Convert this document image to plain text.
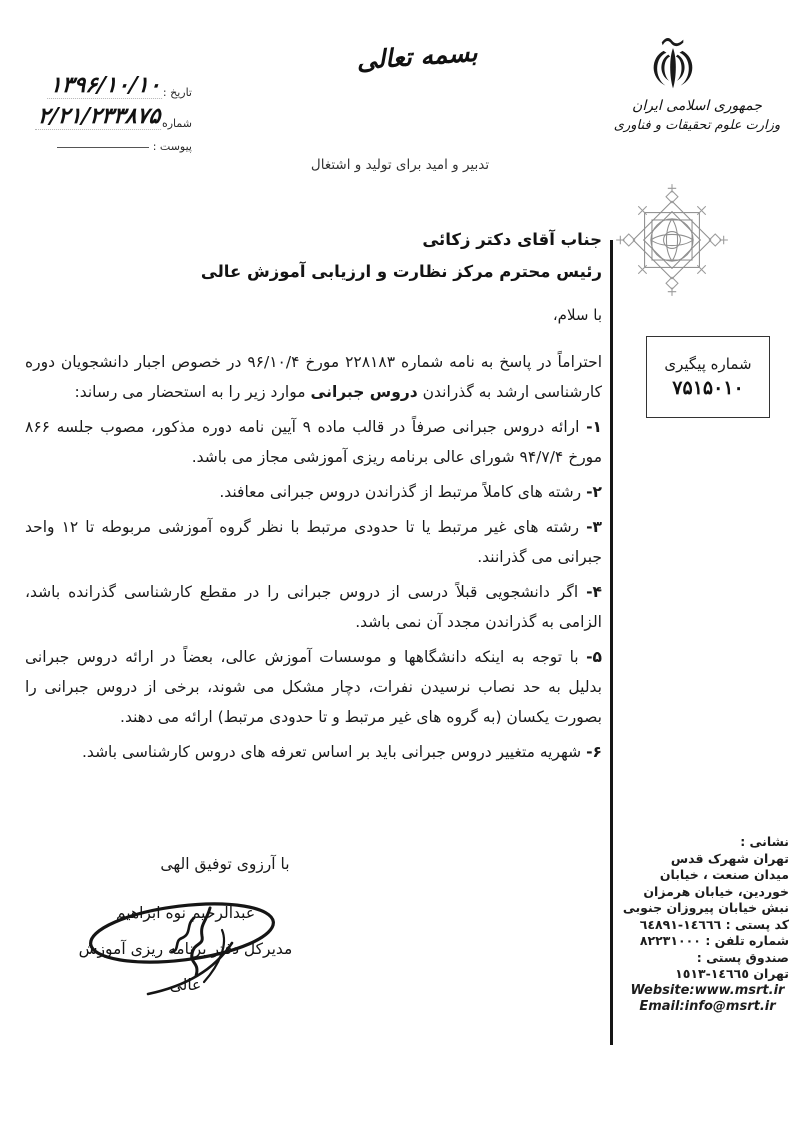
تاریخ :
۱۳۹۶/۱۰/۱۰
شماره
۲/۲۱/۲۳۳۸۷۵
پیوست :
بسمه تعالی
جمهوری اسلامی ایران
وزارت علوم تحقیقات و فناوری
تدبیر و امید برای تولید و اشتغال
شماره پیگیری
۷۵۱۵۰۱۰
جناب آقای دکتر زکائی
رئیس محترم مرکز نظارت و ارزیابی آموزش عالی
با سلام،

احتراماً در پاسخ به نامه شماره ۲۲۸۱۸۳ مورخ ۹۶/۱۰/۴ در خصوص اجبار دانشجویان دوره کارشناسی ارشد به گذراندن دروس جبرانی موارد زیر را به استحضار می رساند:

۱- ارائه دروس جبرانی صرفاً در قالب ماده ۹ آیین نامه دوره مذکور، مصوب جلسه ۸۶۶ مورخ ۹۴/۷/۴ شورای عالی برنامه ریزی آموزشی مجاز می باشد.

۲- رشته های کاملاً مرتبط از گذراندن دروس جبرانی معافند.

۳- رشته های غیر مرتبط یا تا حدودی مرتبط با نظر گروه آموزشی مربوطه تا ۱۲ واحد جبرانی می گذرانند.

۴- اگر دانشجویی قبلاً درسی از دروس جبرانی را در مقطع کارشناسی گذرانده باشد، الزامی به گذراندن مجدد آن نمی باشد.

۵- با توجه به اینکه دانشگاهها و موسسات آموزش عالی، بعضاً در ارائه دروس جبرانی بدلیل به حد نصاب نرسیدن نفرات، دچار مشکل می شوند، برخی از دروس جبرانی را بصورت یکسان (به گروه های غیر مرتبط و تا حدودی مرتبط) ارائه می دهند.

۶- شهریه متغییر دروس جبرانی باید بر اساس تعرفه های دروس کارشناسی باشد.

با آرزوی توفیق الهی
عبدالرحیم نوه ابراهیم
مدیرکل دفتر برنامه ریزی آموزش عالی
نشانی :
تهران شهرک قدس
میدان صنعت ، خیابان
خوردین، خیابان هرمزان
نبش خیابان پیروزان جنوبی
کد پستی : ١٤٦٦٦-٦٤٨٩١
شماره تلفن : ٨٢٢٣١٠٠٠
صندوق پستی :
تهران ١٤٦٦٥-١٥١٣
Website:www.msrt.ir
Email:info@msrt.ir
